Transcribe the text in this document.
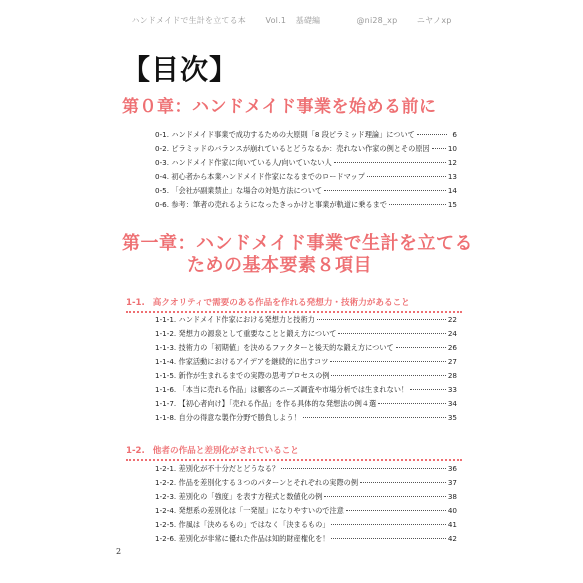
ハンドメイドで生計を立てる本 Vol.1 基礎編	@ni28_xp ニヤノxp
【目次】
第０章：ハンドメイド事業を始める前に
0-1. ハンドメイド事業で成功するための大原則「8 段ピラミッド理論」について	6
0-2. ピラミッドのバランスが崩れているとどうなるか：売れない作家の例とその原因	10
0-3. ハンドメイド作家に向いている人/向いていない人	12
0-4. 初心者から本業ハンドメイド作家になるまでのロードマップ	13
0-5. 「会社が副業禁止」な場合の対処方法について	14
0-6. 参考：筆者の売れるようになったきっかけと事業が軌道に乗るまで	15
第一章：ハンドメイド事業で生計を立てる
ための基本要素８項目
1-1. 高クオリティで需要のある作品を作れる発想力・技術力があること
1-1-1. ハンドメイド作家における発想力と技術力	22
1-1-2. 発想力の源泉として重要なことと鍛え方について	24
1-1-3. 技術力の「初期値」を決めるファクターと後天的な鍛え方について	26
1-1-4. 作家活動におけるアイデアを継続的に出すコツ	27
1-1-5. 新作が生まれるまでの実際の思考プロセスの例	28
1-1-6. 「本当に売れる作品」は顧客のニーズ調査や市場分析では生まれない！	33
1-1-7. 【初心者向け】「売れる作品」を作る具体的な発想法の例４選	34
1-1-8. 自分の得意な製作分野で勝負しよう！	35
1-2. 他者の作品と差別化がされていること
1-2-1. 差別化が不十分だとどうなる？	36
1-2-2. 作品を差別化する３つのパターンとそれぞれの実際の例	37
1-2-3. 差別化の「強度」を表す方程式と数値化の例	38
1-2-4. 発想系の差別化は「一発屋」になりやすいので注意	40
1-2-5. 作風は「決めるもの」ではなく「決まるもの」	41
1-2-6. 差別化が非常に優れた作品は知的財産権化を！	42
2
